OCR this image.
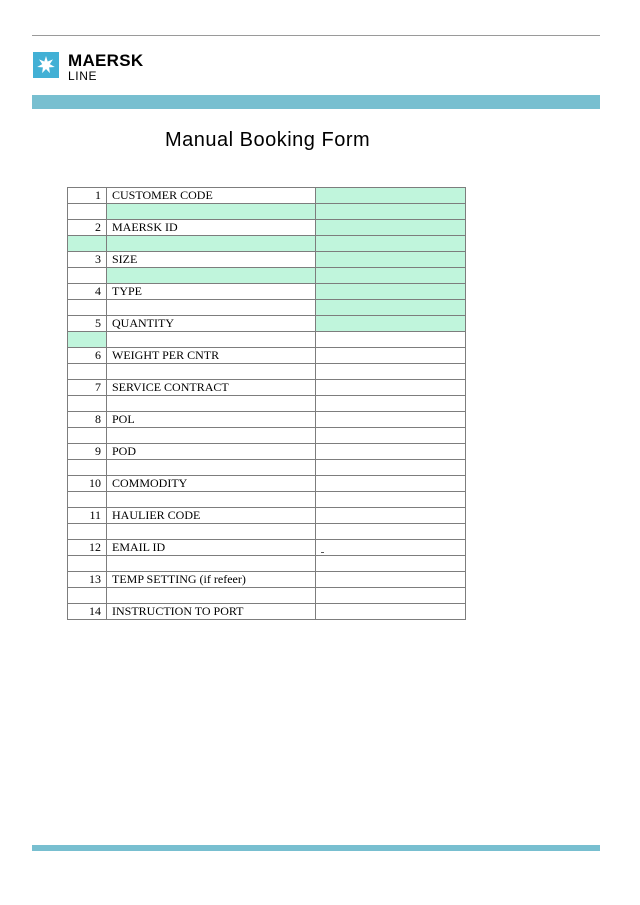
MAERSK
LINE
Manual Booking Form
1	CUSTOMER CODE	

2	MAERSK ID	

3	SIZE	

4	TYPE	

5	QUANTITY	

6	WEIGHT PER CNTR	

7	SERVICE CONTRACT	

8	POL	

9	POD	

10	COMMODITY	

11	HAULIER CODE	

12	EMAIL ID	

13	TEMP SETTING (if refeer)	

14	INSTRUCTION TO PORT	
